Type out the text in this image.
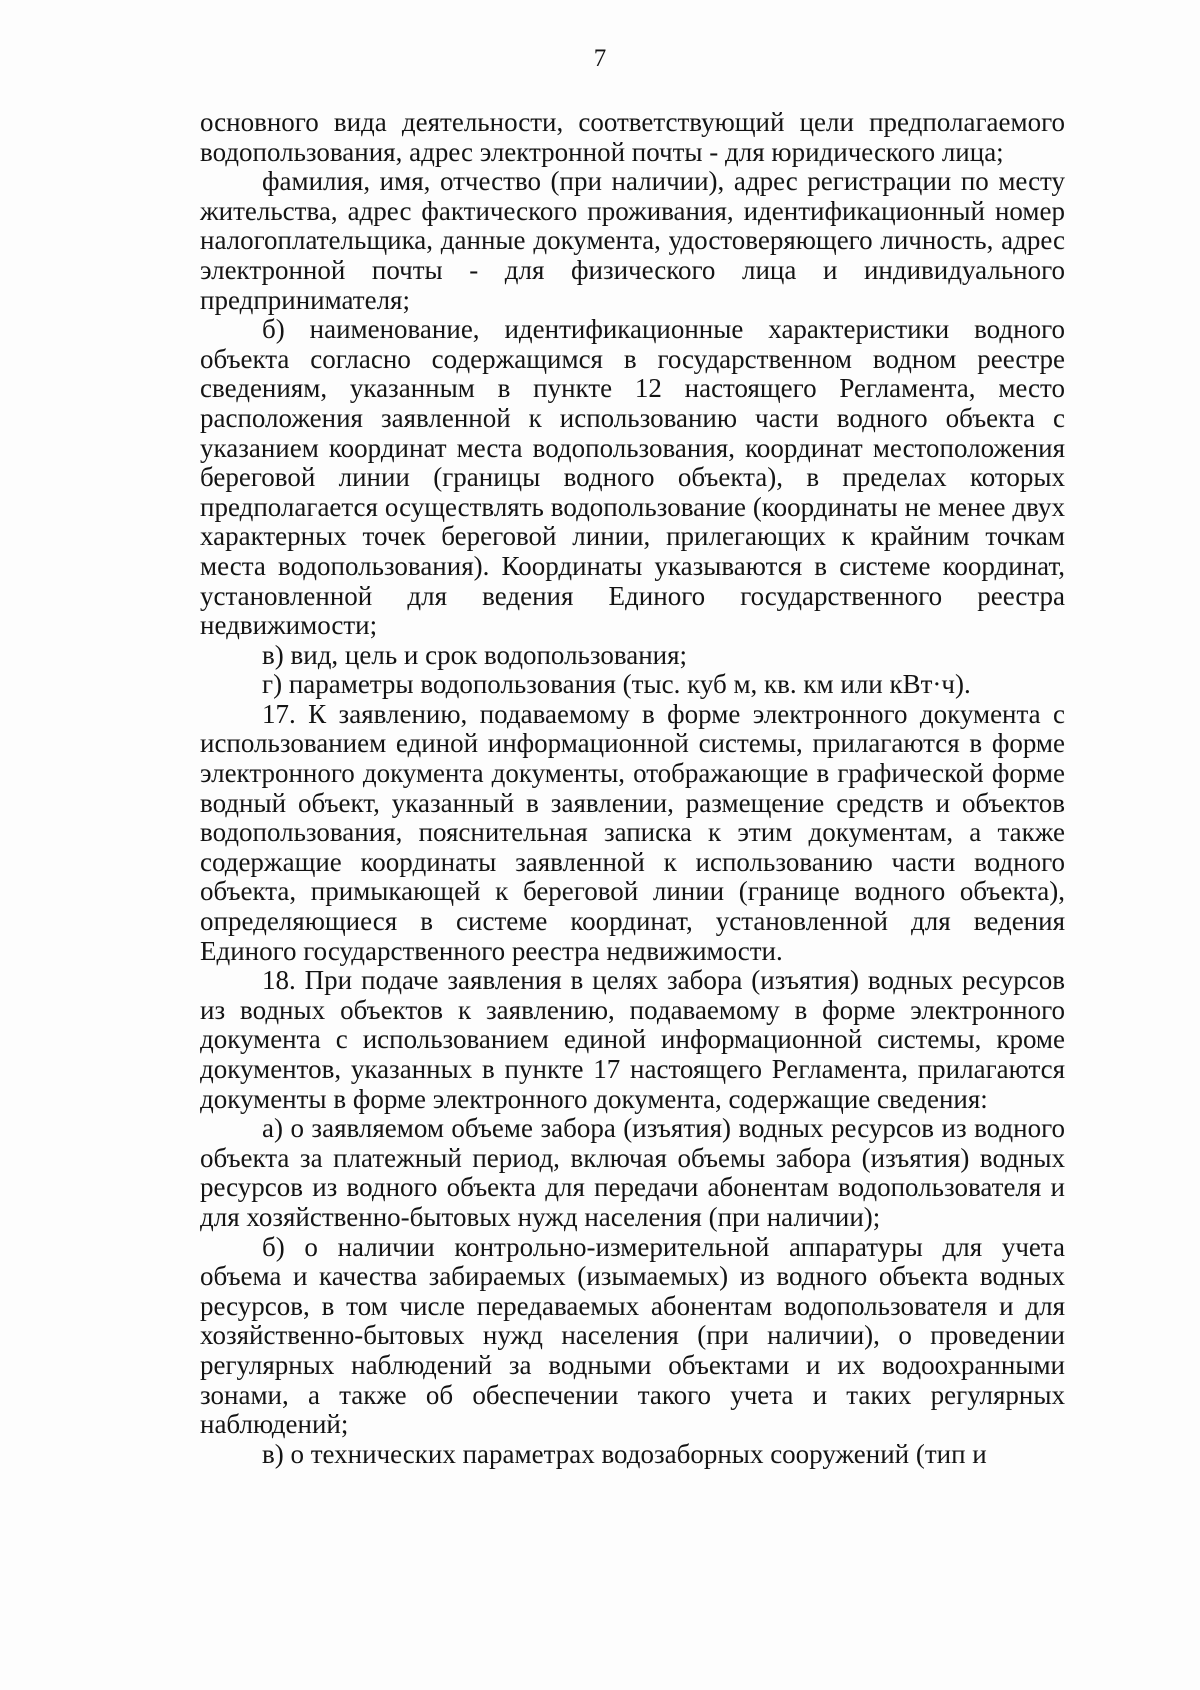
7

основного вида деятельности, соответствующий цели предполагаемого водопользования, адрес электронной почты - для юридического лица;

фамилия, имя, отчество (при наличии), адрес регистрации по месту жительства, адрес фактического проживания, идентификационный номер налогоплательщика, данные документа, удостоверяющего личность, адрес электронной почты - для физического лица и индивидуального предпринимателя;

б) наименование, идентификационные характеристики водного объекта согласно содержащимся в государственном водном реестре сведениям, указанным в пункте 12 настоящего Регламента, место расположения заявленной к использованию части водного объекта с указанием координат места водопользования, координат местоположения береговой линии (границы водного объекта), в пределах которых предполагается осуществлять водопользование (координаты не менее двух характерных точек береговой линии, прилегающих к крайним точкам места водопользования). Координаты указываются в системе координат, установленной для ведения Единого государственного реестра недвижимости;

в) вид, цель и срок водопользования;

г) параметры водопользования (тыс. куб м, кв. км или кВт·ч).

17. К заявлению, подаваемому в форме электронного документа с использованием единой информационной системы, прилагаются в форме электронного документа документы, отображающие в графической форме водный объект, указанный в заявлении, размещение средств и объектов водопользования, пояснительная записка к этим документам, а также содержащие координаты заявленной к использованию части водного объекта, примыкающей к береговой линии (границе водного объекта), определяющиеся в системе координат, установленной для ведения Единого государственного реестра недвижимости.

18. При подаче заявления в целях забора (изъятия) водных ресурсов из водных объектов к заявлению, подаваемому в форме электронного документа с использованием единой информационной системы, кроме документов, указанных в пункте 17 настоящего Регламента, прилагаются документы в форме электронного документа, содержащие сведения:

а) о заявляемом объеме забора (изъятия) водных ресурсов из водного объекта за платежный период, включая объемы забора (изъятия) водных ресурсов из водного объекта для передачи абонентам водопользователя и для хозяйственно-бытовых нужд населения (при наличии);

б) о наличии контрольно-измерительной аппаратуры для учета объема и качества забираемых (изымаемых) из водного объекта водных ресурсов, в том числе передаваемых абонентам водопользователя и для хозяйственно-бытовых нужд населения (при наличии), о проведении регулярных наблюдений за водными объектами и их водоохранными зонами, а также об обеспечении такого учета и таких регулярных наблюдений;

в) о технических параметрах водозаборных сооружений (тип и
